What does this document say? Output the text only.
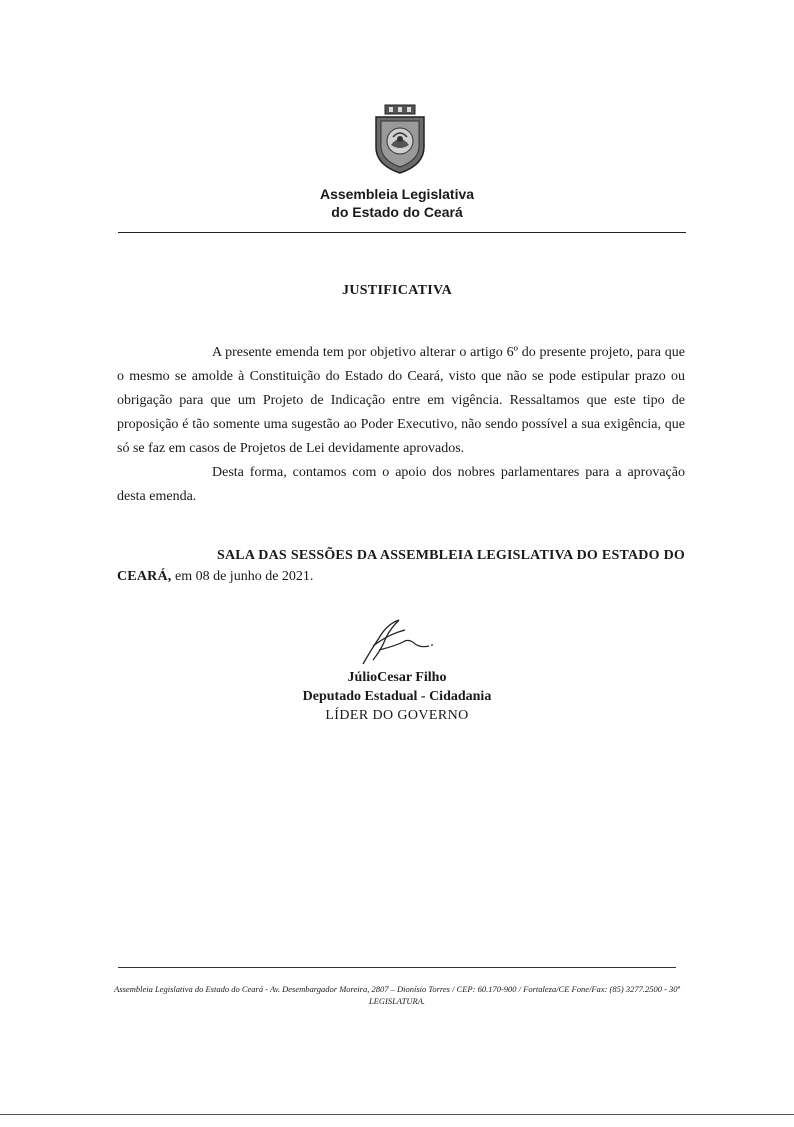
Assembleia Legislativa
do Estado do Ceará
JUSTIFICATIVA

A presente emenda tem por objetivo alterar o artigo 6º do presente projeto, para que o mesmo se amolde à Constituição do Estado do Ceará, visto que não se pode estipular prazo ou obrigação para que um Projeto de Indicação entre em vigência. Ressaltamos que este tipo de proposição é tão somente uma sugestão ao Poder Executivo, não sendo possível a sua exigência, que só se faz em casos de Projetos de Lei devidamente aprovados.

Desta forma, contamos com o apoio dos nobres parlamentares para a aprovação desta emenda.

SALA DAS SESSÕES DA ASSEMBLEIA LEGISLATIVA DO ESTADO DO CEARÁ, em 08 de junho de 2021.
JúlioCesar Filho
Deputado Estadual - Cidadania
LÍDER DO GOVERNO
Assembleia Legislativa do Estado do Ceará - Av. Desembargador Moreira, 2807 – Dionísio Torres / CEP: 60.170-900 / Fortaleza/CE Fone/Fax: (85) 3277.2500 - 30ª LEGISLATURA.
